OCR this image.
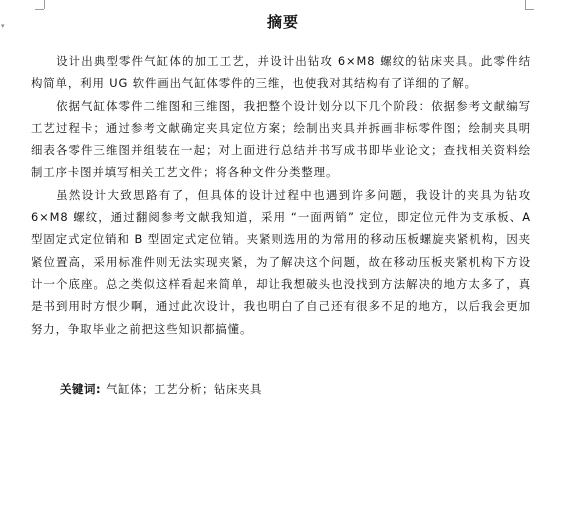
▾	摘要

设计出典型零件气缸体的加工工艺，并设计出钻攻 6×M8 螺纹的钻床夹具。此零件结构简单，利用 UG 软件画出气缸体零件的三维，也使我对其结构有了详细的了解。

依据气缸体零件二维图和三维图，我把整个设计划分以下几个阶段：依据参考文献编写工艺过程卡；通过参考文献确定夹具定位方案；绘制出夹具并拆画非标零件图；绘制夹具明细表各零件三维图并组装在一起；对上面进行总结并书写成书即毕业论文；查找相关资料绘制工序卡图并填写相关工艺文件；将各种文件分类整理。

虽然设计大致思路有了，但具体的设计过程中也遇到许多问题，我设计的夹具为钻攻 6×M8 螺纹，通过翻阅参考文献我知道，采用 “一面两销” 定位，即定位元件为支承板、A 型固定式定位销和 B 型固定式定位销。夹紧则选用的为常用的移动压板螺旋夹紧机构，因夹紧位置高，采用标准件则无法实现夹紧，为了解决这个问题，故在移动压板夹紧机构下方设计一个底座。总之类似这样看起来简单，却让我想破头也没找到方法解决的地方太多了，真是书到用时方恨少啊，通过此次设计，我也明白了自己还有很多不足的地方，以后我会更加努力，争取毕业之前把这些知识都搞懂。

关键词: 气缸体；工艺分析；钻床夹具
